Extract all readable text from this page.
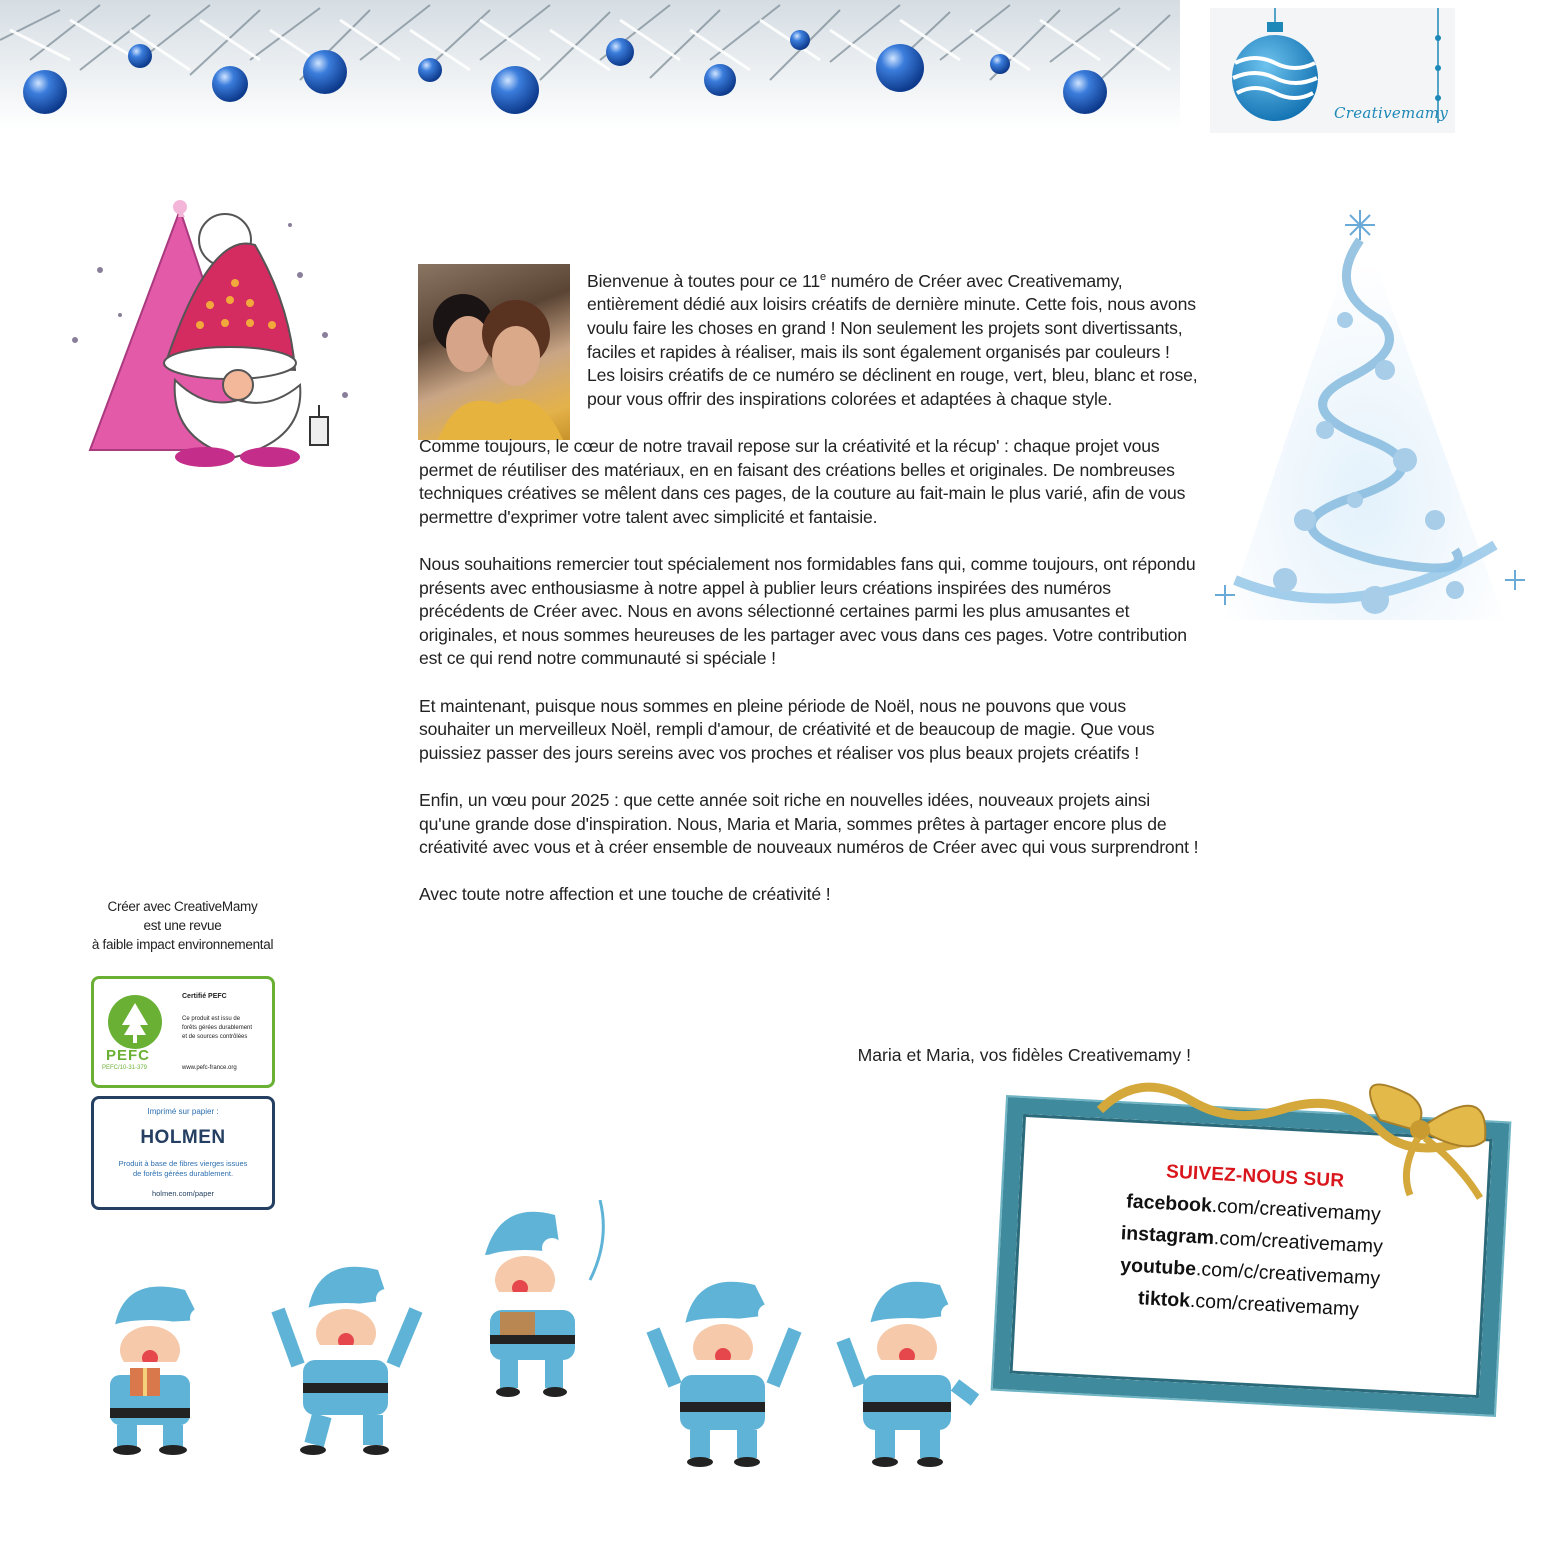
Creativemamy

Bienvenue à toutes pour ce 11e numéro de Créer avec Creativemamy, entièrement dédié aux loisirs créatifs de dernière minute. Cette fois, nous avons voulu faire les choses en grand ! Non seulement les projets sont divertissants, faciles et rapides à réaliser, mais ils sont également organisés par couleurs ! Les loisirs créatifs de ce numéro se déclinent en rouge, vert, bleu, blanc et rose, pour vous offrir des inspirations colorées et adaptées à chaque style.

Comme toujours, le cœur de notre travail repose sur la créativité et la récup' : chaque projet vous permet de réutiliser des matériaux, en en faisant des créations belles et originales. De nombreuses techniques créatives se mêlent dans ces pages, de la couture au fait-main le plus varié, afin de vous permettre d'exprimer votre talent avec simplicité et fantaisie.

Nous souhaitions remercier tout spécialement nos formidables fans qui, comme toujours, ont répondu présents avec enthousiasme à notre appel à publier leurs créations inspirées des numéros précédents de Créer avec. Nous en avons sélectionné certaines parmi les plus amusantes et originales, et nous sommes heureuses de les partager avec vous dans ces pages. Votre contribution est ce qui rend notre communauté si spéciale !

Et maintenant, puisque nous sommes en pleine période de Noël, nous ne pouvons que vous souhaiter un merveilleux Noël, rempli d'amour, de créativité et de beaucoup de magie. Que vous puissiez passer des jours sereins avec vos proches et réaliser vos plus beaux projets créatifs !

Enfin, un vœu pour 2025 : que cette année soit riche en nouvelles idées, nouveaux projets ainsi qu'une grande dose d'inspiration. Nous, Maria et Maria, sommes prêtes à partager encore plus de créativité avec vous et à créer ensemble de nouveaux numéros de Créer avec qui vous surprendront !

Avec toute notre affection et une touche de créativité !

Maria et Maria, vos fidèles Creativemamy !
Créer avec CreativeMamy
est une revue
à faible impact environnemental
PEFC
PEFC/10-31-379
Certifié PEFC
Ce produit est issu de
forêts gérées durablement
et de sources contrôlées
www.pefc-france.org
Imprimé sur papier :
HOLMEN
Produit à base de fibres vierges issues
de forêts gérées durablement.
holmen.com/paper
SUIVEZ-NOUS SUR
facebook.com/creativemamy
instagram.com/creativemamy
youtube.com/c/creativemamy
tiktok.com/creativemamy
